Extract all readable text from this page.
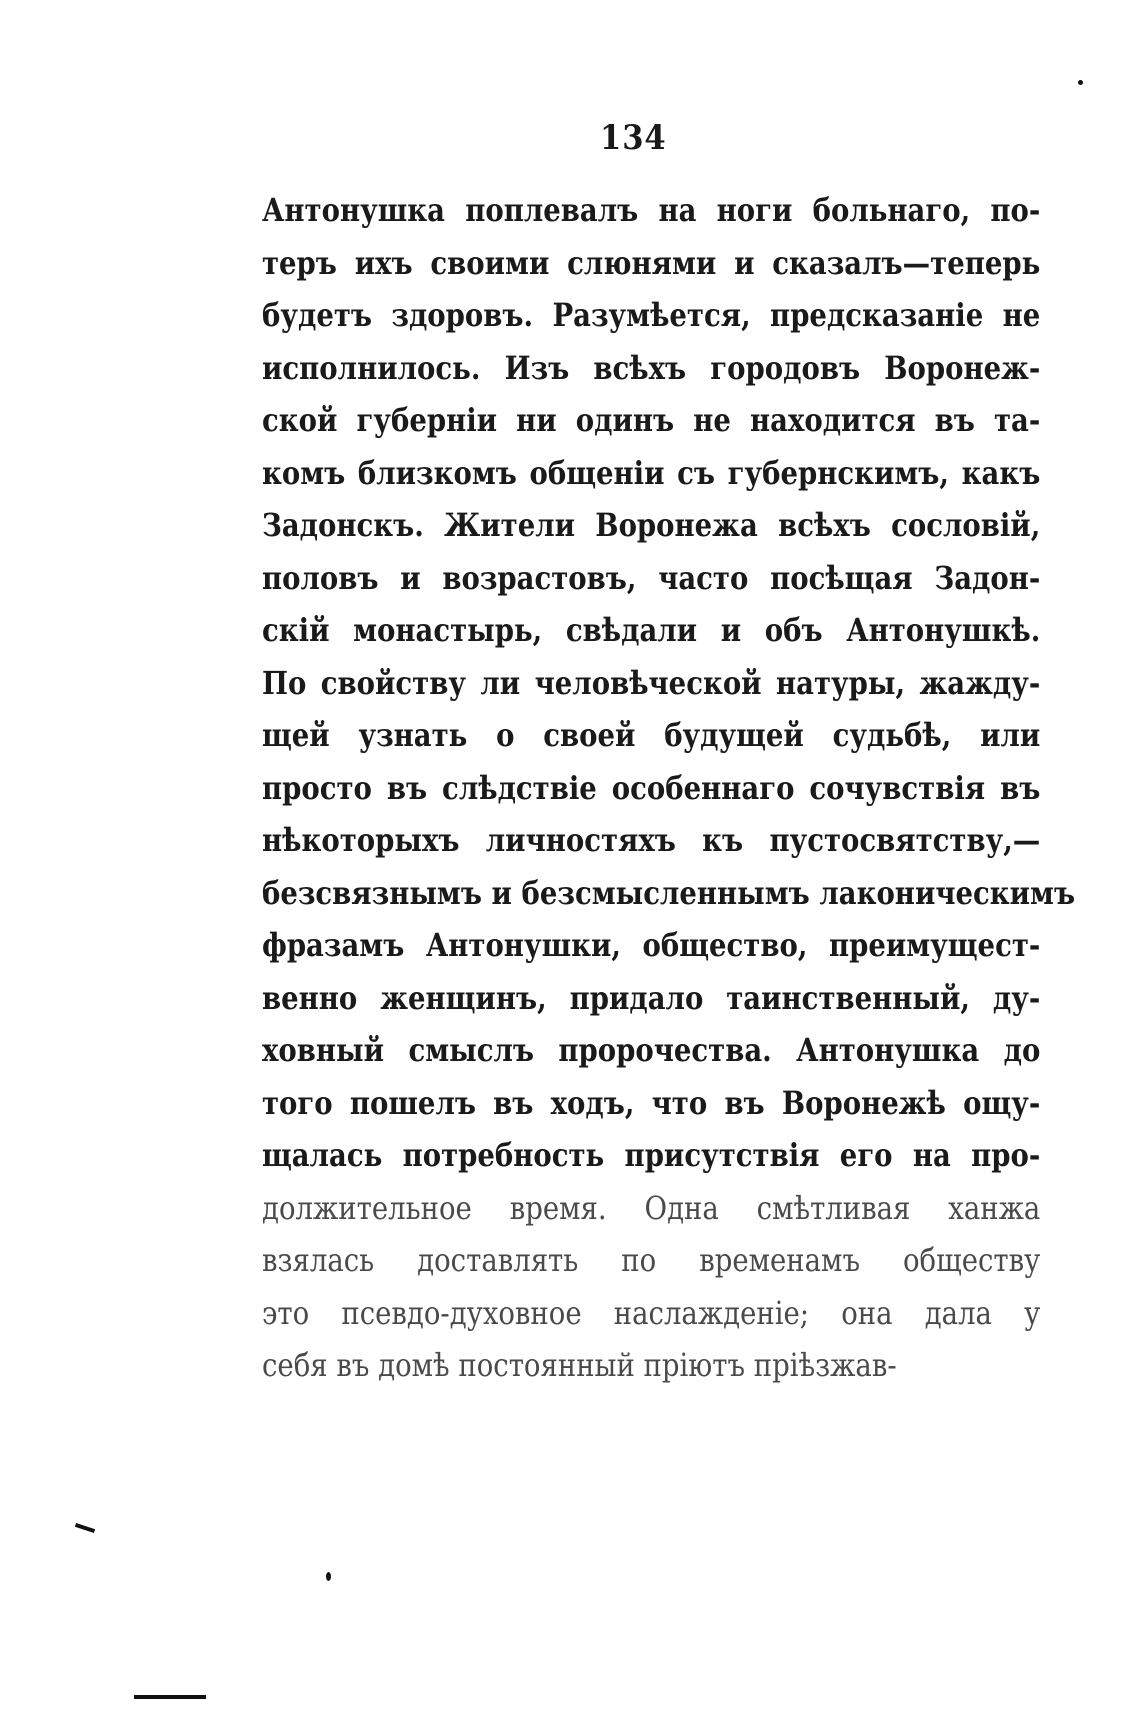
134
Антонушка поплевалъ на ноги больнаго, по-
теръ ихъ своими слюнями и сказалъ—теперь
будетъ здоровъ. Разумѣется, предсказаніе не
исполнилось. Изъ всѣхъ городовъ Воронеж-
ской губерніи ни одинъ не находится въ та-
комъ близкомъ общеніи съ губернскимъ, какъ
Задонскъ. Жители Воронежа всѣхъ сословій,
половъ и возрастовъ, часто посѣщая Задон-
скій монастырь, свѣдали и объ Антонушкѣ.
По свойству ли человѣческой натуры, жажду-
щей узнать о своей будущей судьбѣ, или
просто въ слѣдствіе особеннаго сочувствія въ
нѣкоторыхъ личностяхъ къ пустосвятству,—
безсвязнымъ и безсмысленнымъ лаконическимъ
фразамъ Антонушки, общество, преимущест-
венно женщинъ, придало таинственный, ду-
ховный смыслъ пророчества. Антонушка до
того пошелъ въ ходъ, что въ Воронежѣ ощу-
щалась потребность присутствія его на про-
должительное время. Одна смѣтливая ханжа
взялась доставлять по временамъ обществу
это псевдо-духовное наслажденіе; она дала у
себя въ домѣ постоянный пріютъ пріѣзжав-
